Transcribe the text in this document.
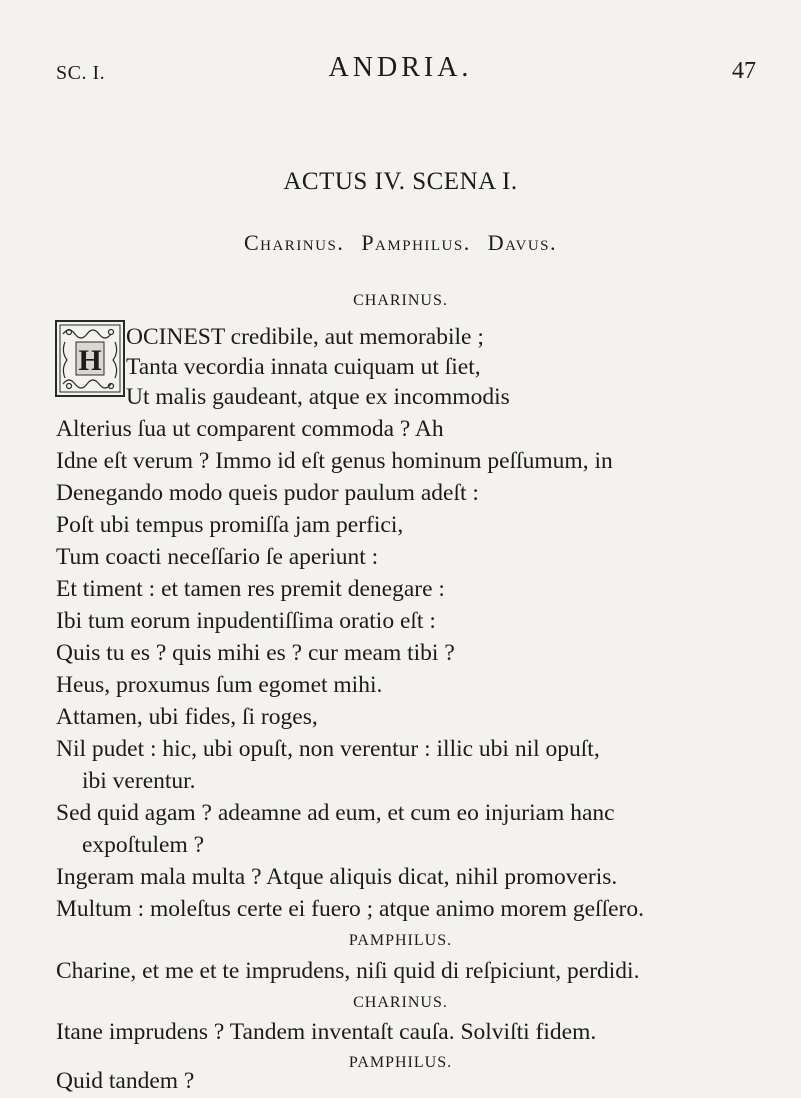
SC. I.	ANDRIA.	47
ACTUS IV. SCENA I.
Charinus. Pamphilus. Davus.
CHARINUS.
H
OCINEST credibile, aut memorabile ;
Tanta vecordia innata cuiquam ut ſiet,
Ut malis gaudeant, atque ex incommodis
Alterius ſua ut comparent commoda ? Ah
Idne eſt verum ? Immo id eſt genus hominum peſſumum, in
Denegando modo queis pudor paulum adeſt :
Poſt ubi tempus promiſſa jam perfici,
Tum coacti neceſſario ſe aperiunt :
Et timent : et tamen res premit denegare :
Ibi tum eorum inpudentiſſima oratio eſt :
Quis tu es ? quis mihi es ? cur meam tibi ?
Heus, proxumus ſum egomet mihi.
Attamen, ubi fides, ſi roges,
Nil pudet : hic, ubi opuſt, non verentur : illic ubi nil opuſt,
ibi verentur.
Sed quid agam ? adeamne ad eum, et cum eo injuriam hanc
expoſtulem ?
Ingeram mala multa ? Atque aliquis dicat, nihil promoveris.
Multum : moleſtus certe ei fuero ; atque animo morem geſſero.
PAMPHILUS.
Charine, et me et te imprudens, niſi quid di reſpiciunt, perdidi.
CHARINUS.
Itane imprudens ? Tandem inventaſt cauſa. Solviſti fidem.
PAMPHILUS.
Quid tandem ?
